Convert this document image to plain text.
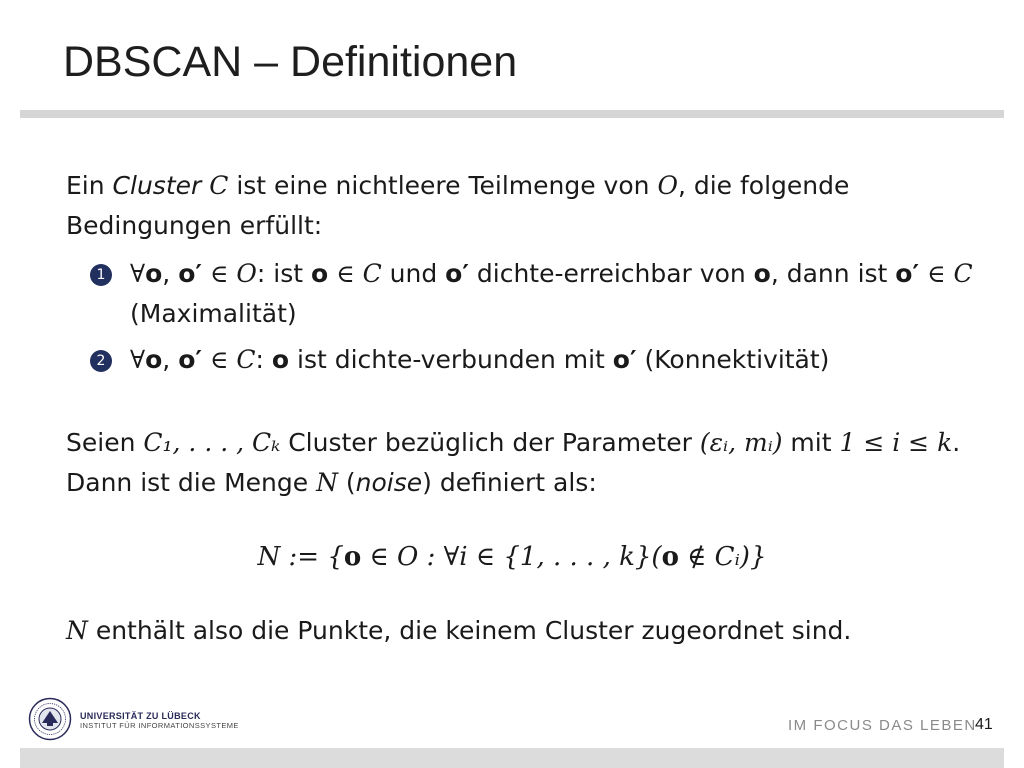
DBSCAN – Definitionen
Ein Cluster C ist eine nichtleere Teilmenge von O, die folgende Bedingungen erfüllt:
1 ∀o, o′ ∈ O: ist o ∈ C und o′ dichte-erreichbar von o, dann ist o′ ∈ C (Maximalität)
2 ∀o, o′ ∈ C: o ist dichte-verbunden mit o′ (Konnektivität)
Seien C₁, . . . , Cₖ Cluster bezüglich der Parameter (εᵢ, mᵢ) mit 1 ≤ i ≤ k. Dann ist die Menge N (noise) definiert als:
N := {o ∈ O : ∀i ∈ {1, . . . , k}(o ∉ Cᵢ)}
N enthält also die Punkte, die keinem Cluster zugeordnet sind.
UNIVERSITÄT ZU LÜBECK
INSTITUT FÜR INFORMATIONSSYSTEME	IM FOCUS DAS LEBEN
41
